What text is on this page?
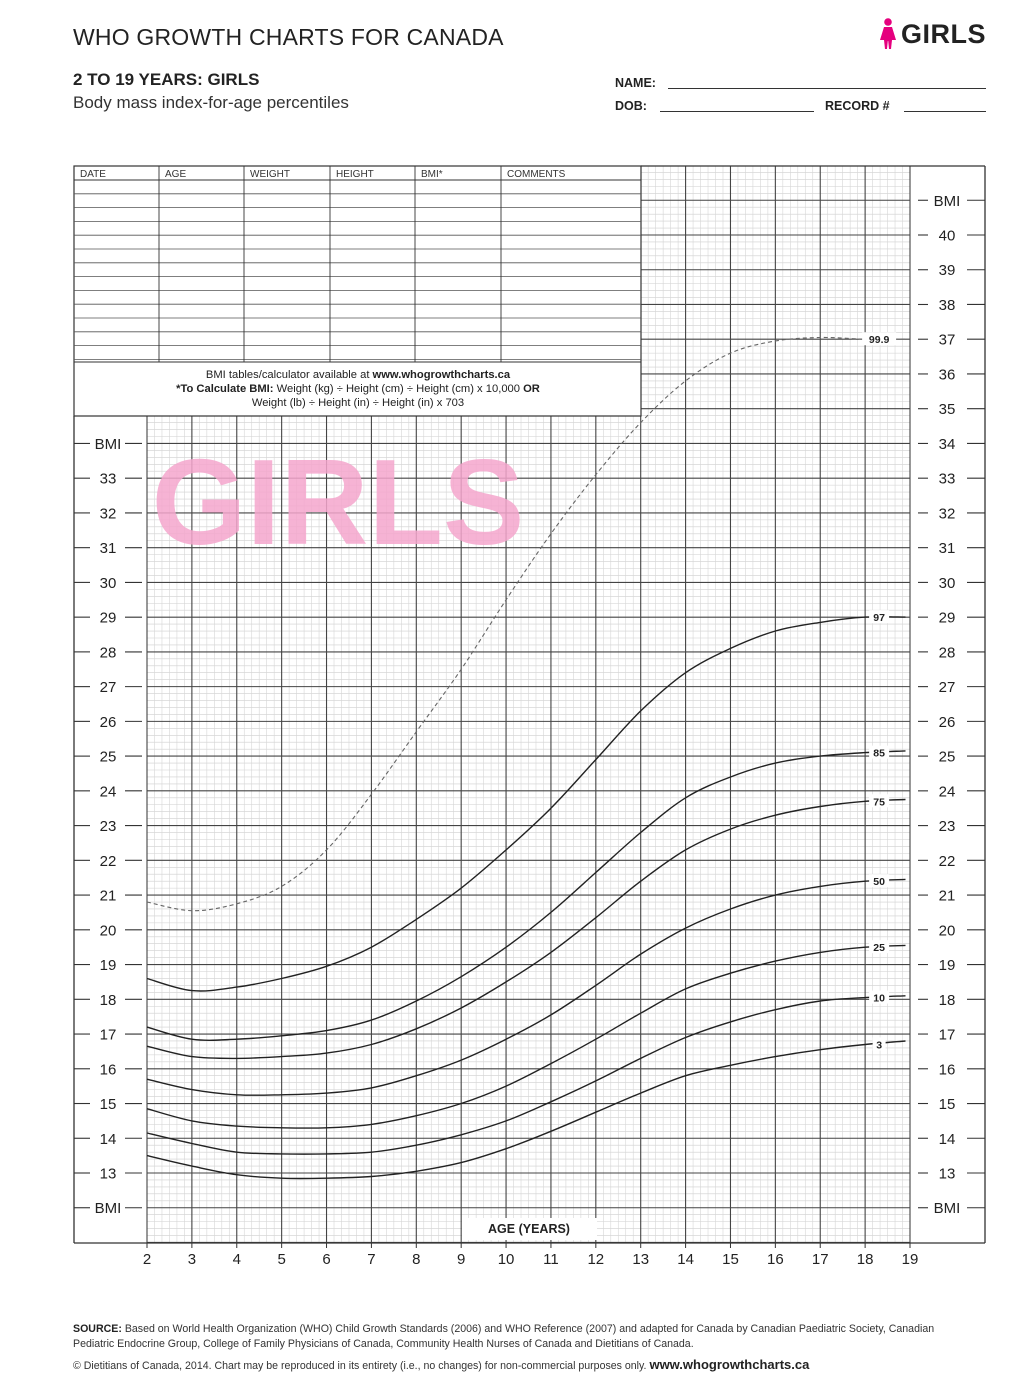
WHO GROWTH CHARTS FOR CANADA	GIRLS
2 TO 19 YEARS: GIRLS
Body mass index-for-age percentiles
NAME:
DOB:	RECORD #
GIRLS
DATE	AGE	WEIGHT	HEIGHT	BMI*	COMMENTS
BMI tables/calculator available at www.whogrowthcharts.ca
*To Calculate BMI: Weight (kg) ÷ Height (cm) ÷ Height (cm) x 10,000 OR
Weight (lb) ÷ Height (in) ÷ Height (in) x 703
13
14
15
16
17
18
19
20
21
22
23
24
25
26
27
28
29
30
31
32
33
13
14
15
16
17
18
19
20
21
22
23
24
25
26
27
28
29
30
31
32
33
34
35
36
37
38
39
40
BMI
BMI
BMI
BMI
2 3 4 5 6 7 8 9 10 11 12 13 14 15 16 17 18 19
3
10
25
50
75
85
97
99.9
AGE (YEARS)
SOURCE: Based on World Health Organization (WHO) Child Growth Standards (2006) and WHO Reference (2007) and adapted for Canada by Canadian Paediatric Society, Canadian Pediatric Endocrine Group, College of Family Physicians of Canada, Community Health Nurses of Canada and Dietitians of Canada.
© Dietitians of Canada, 2014. Chart may be reproduced in its entirety (i.e., no changes) for non-commercial purposes only. www.whogrowthcharts.ca
